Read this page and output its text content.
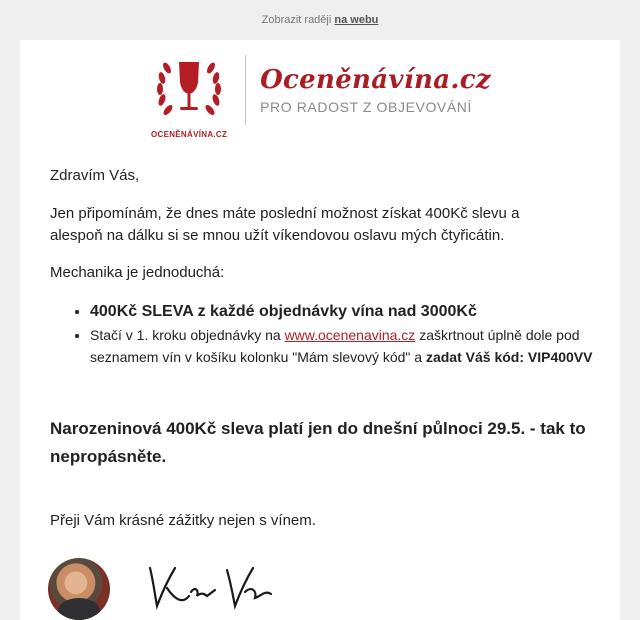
Zobrazit raději
na webu
OCENĚNÁVÍNA.CZ
Oceněnávína.cz
PRO RADOST Z OBJEVOVÁNÍ

Zdravím Vás,

Jen připomínám, že dnes máte poslední možnost získat 400Kč slevu a alespoň na dálku si se mnou užít víkendovou oslavu mých čtyřicátin.

Mechanika je jednoduchá:

• 400Kč SLEVA z každé objednávky vína nad 3000Kč
• Stačí v 1. kroku objednávky na www.ocenenavina.cz zaškrtnout úplně dole pod seznamem vín v košíku kolonku "Mám slevový kód" a zadat Váš kód: VIP400VV

Narozeninová 400Kč sleva platí jen do dnešní půlnoci 29.5. - tak to nepropásněte.

Přeji Vám krásné zážitky nejen s vínem.
